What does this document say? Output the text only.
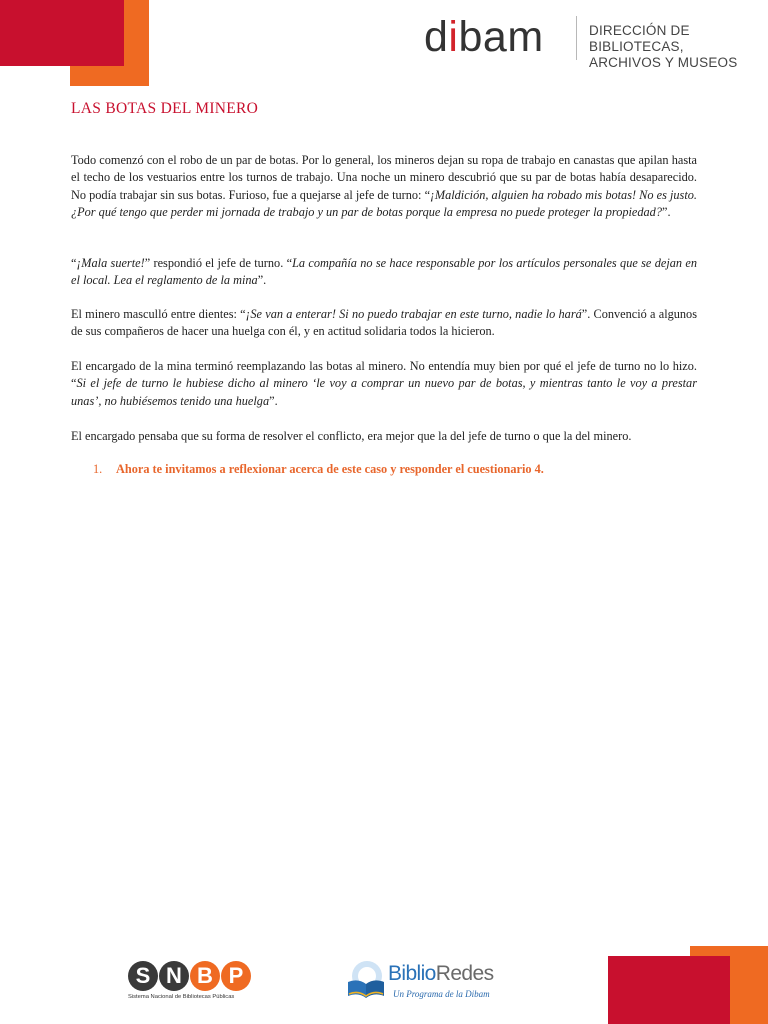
dibam	DIRECCIÓN DE BIBLIOTECAS,
ARCHIVOS Y MUSEOS
LAS BOTAS DEL MINERO

Todo comenzó con el robo de un par de botas. Por lo general, los mineros dejan su ropa de trabajo en canastas que apilan hasta el techo de los vestuarios entre los turnos de trabajo. Una noche un minero descubrió que su par de botas había desaparecido. No podía trabajar sin sus botas. Furioso, fue a quejarse al jefe de turno: “¡Maldición, alguien ha robado mis botas! No es justo. ¿Por qué tengo que perder mi jornada de trabajo y un par de botas porque la empresa no puede proteger la propiedad?”.

“¡Mala suerte!” respondió el jefe de turno. “La compañía no se hace responsable por los artículos personales que se dejan en el local. Lea el reglamento de la mina”.

El minero masculló entre dientes: “¡Se van a enterar! Si no puedo trabajar en este turno, nadie lo hará”. Convenció a algunos de sus compañeros de hacer una huelga con él, y en actitud solidaria todos la hicieron.

El encargado de la mina terminó reemplazando las botas al minero. No entendía muy bien por qué el jefe de turno no lo hizo. “Si el jefe de turno le hubiese dicho al minero ‘le voy a comprar un nuevo par de botas, y mientras tanto le voy a prestar unas’, no hubiésemos tenido una huelga”.

El encargado pensaba que su forma de resolver el conflicto, era mejor que la del jefe de turno o que la del minero.

1. Ahora te invitamos a reflexionar acerca de este caso y responder el cuestionario 4.
S N B P
Sistema Nacional de Bibliotecas Públicas
BiblioRedes
Un Programa de la Dibam
